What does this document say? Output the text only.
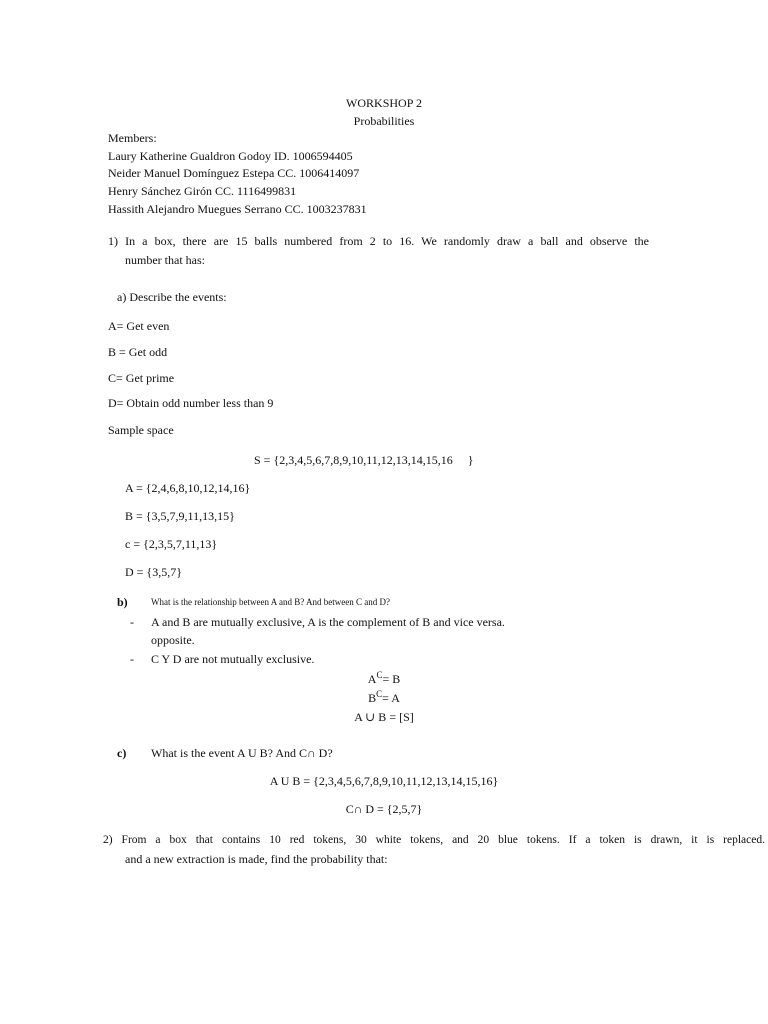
WORKSHOP 2
Probabilities
Members:
Laury Katherine Gualdron Godoy ID. 1006594405
Neider Manuel Domínguez Estepa CC. 1006414097
Henry Sánchez Girón CC. 1116499831
Hassith Alejandro Muegues Serrano CC. 1003237831
1) In a box, there are 15 balls numbered from 2 to 16. We randomly draw a ball and observe the
number that has:
a) Describe the events:
A= Get even
B = Get odd
C= Get prime
D= Obtain odd number less than 9
Sample space
S = {2,3,4,5,6,7,8,9,10,11,12,13,14,15,16     }
A = {2,4,6,8,10,12,14,16}
B = {3,5,7,9,11,13,15}
c = {2,3,5,7,11,13}
D = {3,5,7}
b)	What is the relationship between A and B? And between C and D?
- A and B are mutually exclusive, A is the complement of B and vice versa.
opposite.
- C Y D are not mutually exclusive.
$A^C= B$
$B^C= A$
A ∪ B = [S]
c) What is the event A U B? And C∩ D?
A U B = {2,3,4,5,6,7,8,9,10,11,12,13,14,15,16}
C∩ D = {2,5,7}
2) From a box that contains 10 red tokens, 30 white tokens, and 20 blue tokens. If a token is drawn, it is replaced.
and a new extraction is made, find the probability that:
